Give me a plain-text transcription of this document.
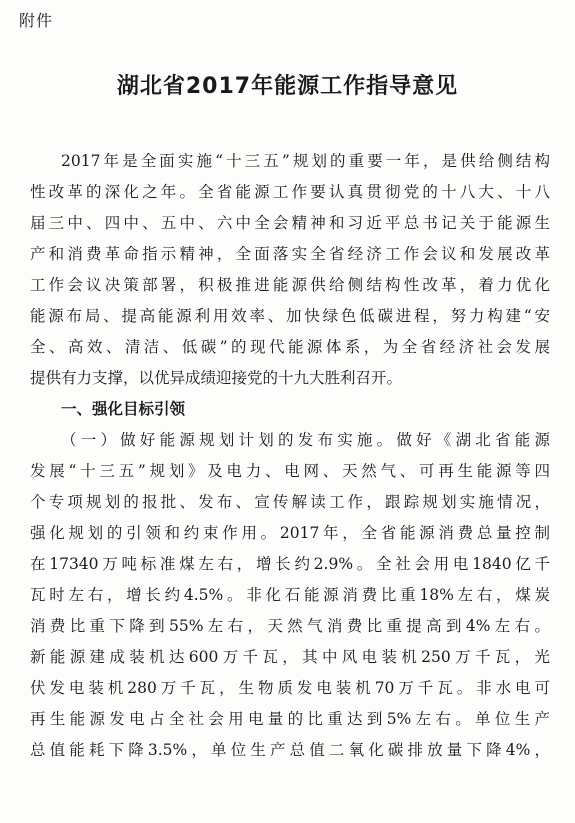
附件
湖北省2017年能源工作指导意见
2017年是全面实施“十三五”规划的重要一年，是供给侧结构
性改革的深化之年。全省能源工作要认真贯彻党的十八大、十八
届三中、四中、五中、六中全会精神和习近平总书记关于能源生
产和消费革命指示精神，全面落实全省经济工作会议和发展改革
工作会议决策部署，积极推进能源供给侧结构性改革，着力优化
能源布局、提高能源利用效率、加快绿色低碳进程，努力构建“安
全、高效、清洁、低碳”的现代能源体系，为全省经济社会发展
提供有力支撑，以优异成绩迎接党的十九大胜利召开。
一、强化目标引领
（一）做好能源规划计划的发布实施。做好《湖北省能源
发展“十三五”规划》及电力、电网、天然气、可再生能源等四
个专项规划的报批、发布、宣传解读工作，跟踪规划实施情况，
强化规划的引领和约束作用。2017年，全省能源消费总量控制
在17340万吨标准煤左右，增长约2.9%。全社会用电1840亿千
瓦时左右，增长约4.5%。非化石能源消费比重18%左右，煤炭
消费比重下降到55%左右，天然气消费比重提高到4%左右。
新能源建成装机达600万千瓦，其中风电装机250万千瓦，光
伏发电装机280万千瓦，生物质发电装机70万千瓦。非水电可
再生能源发电占全社会用电量的比重达到5%左右。单位生产
总值能耗下降3.5%，单位生产总值二氧化碳排放量下降4%，
